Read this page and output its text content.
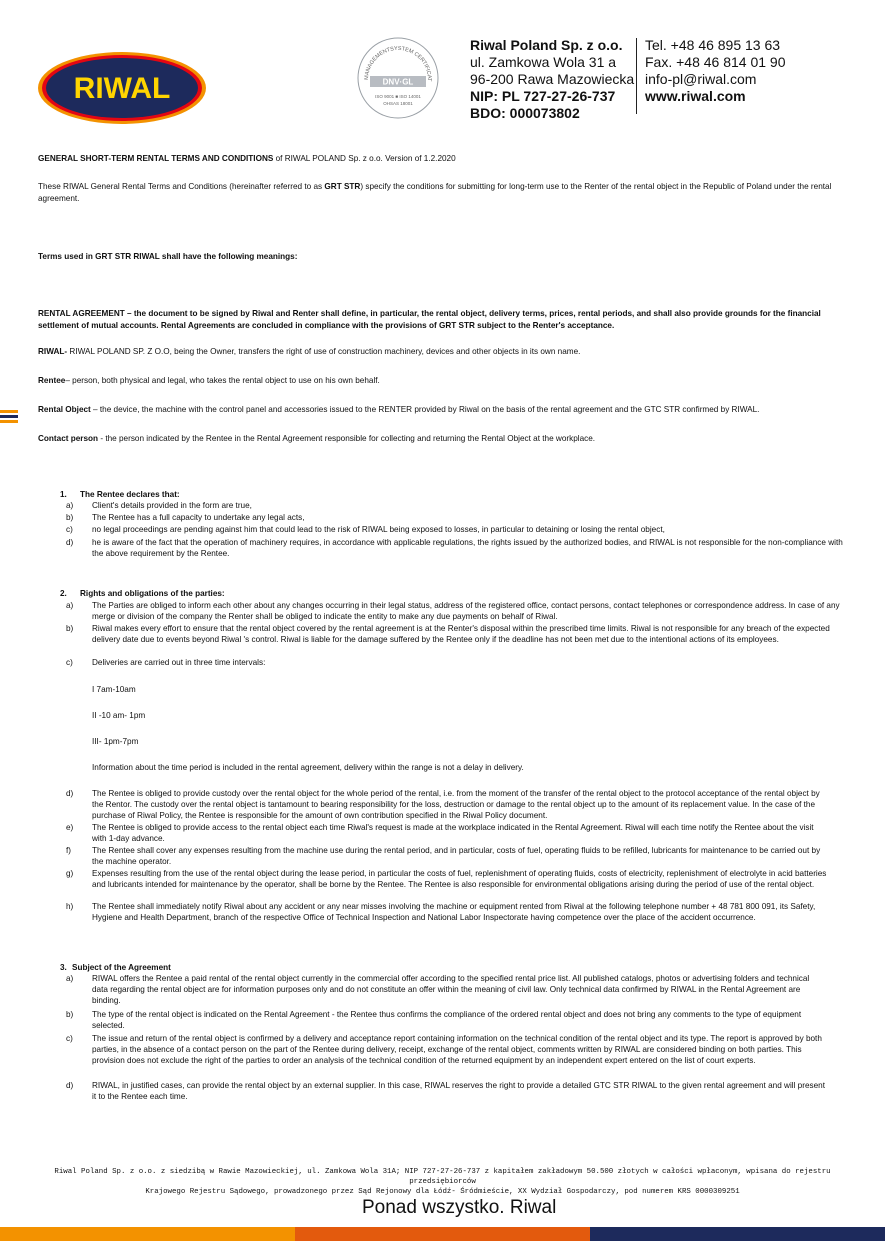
RIWAL	MANAGEMENTSYSTEM CERTIFICAT
DNV·GL
ISO 9001 ■ ISO 14001
OHSAS 18001
Riwal Poland Sp. z o.o.
ul. Zamkowa Wola 31 a
96-200 Rawa Mazowiecka
NIP: PL 727-27-26-737
BDO: 000073802
Tel. +48 46 895 13 63
Fax. +48 46 814 01 90
info-pl@riwal.com
www.riwal.com
GENERAL SHORT-TERM RENTAL TERMS AND CONDITIONS of RIWAL POLAND Sp. z o.o. Version of 1.2.2020
These RIWAL General Rental Terms and Conditions (hereinafter referred to as GRT STR) specify the conditions for submitting for long-term use to the Renter of the rental object in the Republic of Poland under the rental agreement.
Terms used in GRT STR RIWAL shall have the following meanings:
RENTAL AGREEMENT – the document to be signed by Riwal and Renter shall define, in particular, the rental object, delivery terms, prices, rental periods, and shall also provide grounds for the financial settlement of mutual accounts. Rental Agreements are concluded in compliance with the provisions of GRT STR subject to the Renter's acceptance.
RIWAL- RIWAL POLAND SP. Z O.O, being the Owner, transfers the right of use of construction machinery, devices and other objects in its own name.
Rentee– person, both physical and legal, who takes the rental object to use on his own behalf.
Rental Object – the device, the machine with the control panel and accessories issued to the RENTER provided by Riwal on the basis of the rental agreement and the GTC STR confirmed by RIWAL.
Contact person - the person indicated by the Rentee in the Rental Agreement responsible for collecting and returning the Rental Object at the workplace.
1. The Rentee declares that:
a) Client's details provided in the form are true,
b) The Rentee has a full capacity to undertake any legal acts,
c) no legal proceedings are pending against him that could lead to the risk of RIWAL being exposed to losses, in particular to detaining or losing the rental object,
d) he is aware of the fact that the operation of machinery requires, in accordance with applicable regulations, the rights issued by the authorized bodies, and RIWAL is not responsible for the non-compliance with the above requirement by the Rentee.
2. Rights and obligations of the parties:
a) The Parties are obliged to inform each other about any changes occurring in their legal status, address of the registered office, contact persons, contact telephones or correspondence address. In case of any merge or division of the company the Renter shall be obliged to indicate the entity to make any due payments on behalf of Riwal.
b) Riwal makes every effort to ensure that the rental object covered by the rental agreement is at the Renter's disposal within the prescribed time limits. Riwal is not responsible for any breach of the expected delivery date due to events beyond Riwal 's control. Riwal is liable for the damage suffered by the Rentee only if the deadline has not been met due to the intentional actions of its employees.
c) Deliveries are carried out in three time intervals:
I 7am-10am
II -10 am- 1pm
III- 1pm-7pm
Information about the time period is included in the rental agreement, delivery within the range is not a delay in delivery.
d) The Rentee is obliged to provide custody over the rental object for the whole period of the rental, i.e. from the moment of the transfer of the rental object to the protocol acceptance of the rental object by the Rentor. The custody over the rental object is tantamount to bearing responsibility for the loss, destruction or damage to the rental object up to the amount of its replacement value. In the case of the purchase of Riwal Policy, the Rentee is responsible for the amount of own contribution specified in the Riwal Policy document.
e) The Rentee is obliged to provide access to the rental object each time Riwal's request is made at the workplace indicated in the Rental Agreement. Riwal will each time notify the Rentee about the visit with 1-day advance.
f)	The Rentee shall cover any expenses resulting from the machine use during the rental period, and in particular, costs of fuel, operating fluids to be refilled, lubricants for maintenance to be carried out by the machine operator.
g) Expenses resulting from the use of the rental object during the lease period, in particular the costs of fuel, replenishment of operating fluids, costs of electricity, replenishment of electrolyte in acid batteries and lubricants intended for maintenance by the operator, shall be borne by the Rentee. The Rentee is also responsible for environmental obligations arising during the period of use of the rental object.
h) The Rentee shall immediately notify Riwal about any accident or any near misses involving the machine or equipment rented from Riwal at the following telephone number + 48 781 800 091, its Safety, Hygiene and Health Department, branch of the respective Office of Technical Inspection and National Labor Inspectorate having competence over the place of the accident occurrence.
3. Subject of the Agreement
a) RIWAL offers the Rentee a paid rental of the rental object currently in the commercial offer according to the specified rental price list. All published catalogs, photos or advertising folders and technical data regarding the rental object are for information purposes only and do not constitute an offer within the meaning of civil law. Only technical data confirmed by RIWAL in the Rental Agreement are binding.
b) The type of the rental object is indicated on the Rental Agreement - the Rentee thus confirms the compliance of the ordered rental object and does not bring any comments to the type of equipment selected.
c) The issue and return of the rental object is confirmed by a delivery and acceptance report containing information on the technical condition of the rental object and its type. The report is approved by both parties, in the absence of a contact person on the part of the Rentee during delivery, receipt, exchange of the rental object, comments written by RIWAL are considered binding on both parties. This provision does not exclude the right of the parties to order an analysis of the technical condition of the returned equipment by an independent expert entered on the list of court experts.
d) RIWAL, in justified cases, can provide the rental object by an external supplier. In this case, RIWAL reserves the right to provide a detailed GTC STR RIWAL to the given rental agreement and will present it to the Rentee each time.
Riwal Poland Sp. z o.o. z siedzibą w Rawie Mazowieckiej, ul. Zamkowa Wola 31A; NIP 727-27-26-737 z kapitałem zakładowym 50.500 złotych w całości wpłaconym, wpisana do rejestru przedsiębiorców
Krajowego Rejestru Sądowego, prowadzonego przez Sąd Rejonowy dla Łódź- Śródmieście, XX Wydział Gospodarczy, pod numerem KRS 0000309251
Ponad wszystko. Riwal
